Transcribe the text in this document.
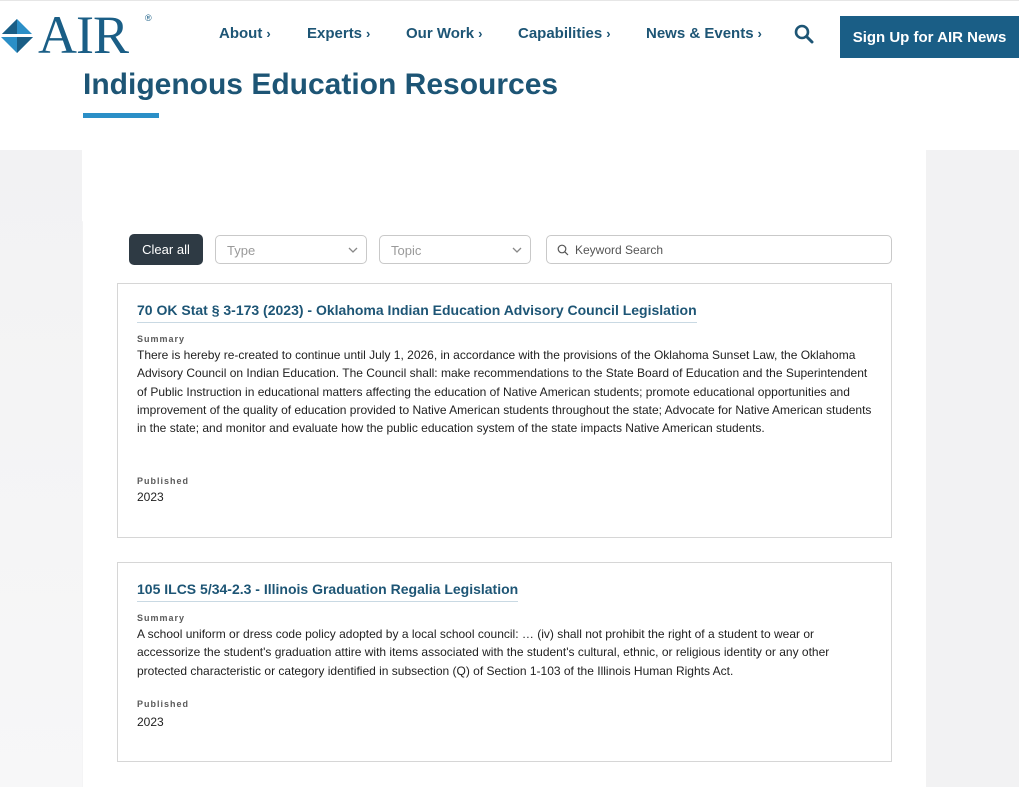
AIR ®
About › Experts › Our Work › Capabilities › News & Events ›	Sign Up for AIR News
Indigenous Education Resources
Clear all	Type	Topic
Keyword Search
70 OK Stat § 3-173 (2023) - Oklahoma Indian Education Advisory Council Legislation
Summary
There is hereby re-created to continue until July 1, 2026, in accordance with the provisions of the Oklahoma Sunset Law, the Oklahoma Advisory Council on Indian Education. The Council shall: make recommendations to the State Board of Education and the Superintendent of Public Instruction in educational matters affecting the education of Native American students; promote educational opportunities and improvement of the quality of education provided to Native American students throughout the state; Advocate for Native American students in the state; and monitor and evaluate how the public education system of the state impacts Native American students.
Published
2023
105 ILCS 5/34-2.3 - Illinois Graduation Regalia Legislation
Summary
A school uniform or dress code policy adopted by a local school council: … (iv) shall not prohibit the right of a student to wear or accessorize the student's graduation attire with items associated with the student's cultural, ethnic, or religious identity or any other protected characteristic or category identified in subsection (Q) of Section 1-103 of the Illinois Human Rights Act.
Published
2023
